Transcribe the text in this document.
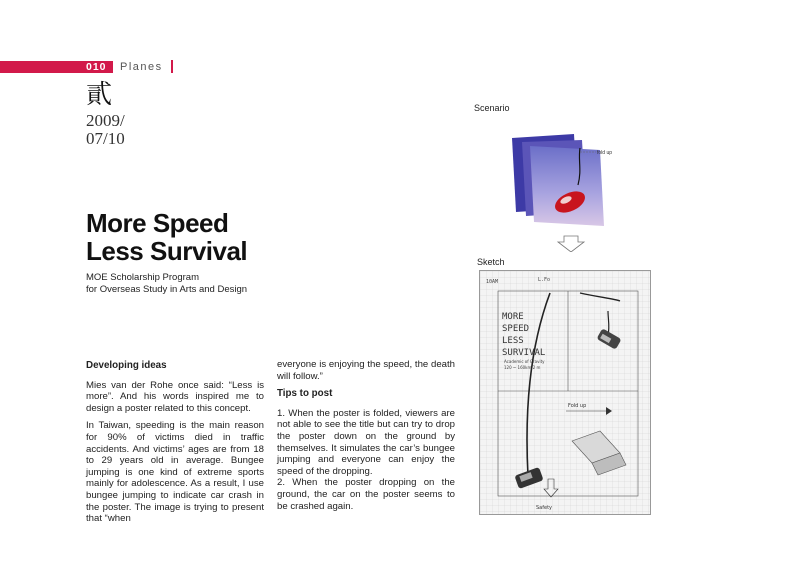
010 Planes
貳
2009/
07/10
More Speed
Less Survival
MOE Scholarship Program
for Overseas Study in Arts and Design
Developing ideas

Mies van der Rohe once said: “Less is more”. And his words inspired me to design a poster related to this concept.

In Taiwan, speeding is the main reason for 90% of victims died in traffic accidents. And victims’ ages are from 18 to 29 years old in average. Bungee jumping is one kind of extreme sports mainly for adolescence. As a result, I use bungee jumping to indicate car crash in the poster. The image is trying to present that “when

everyone is enjoying the speed, the death will follow.”

Tips to post

1. When the poster is folded, viewers are not able to see the title but can try to drop the poster down on the ground by themselves. It simulates the car’s bungee jumping and everyone can enjoy the speed of the dropping.

2. When the poster dropping on the ground, the car on the poster seems to be crashed again.

Scenario
Sketch
fold up
10AM	L.Fo
MORE
SPEED
LESS
SURVIVAL
Academic of Gravity
120 ~ 160km/2 m
Fold up
Safety
